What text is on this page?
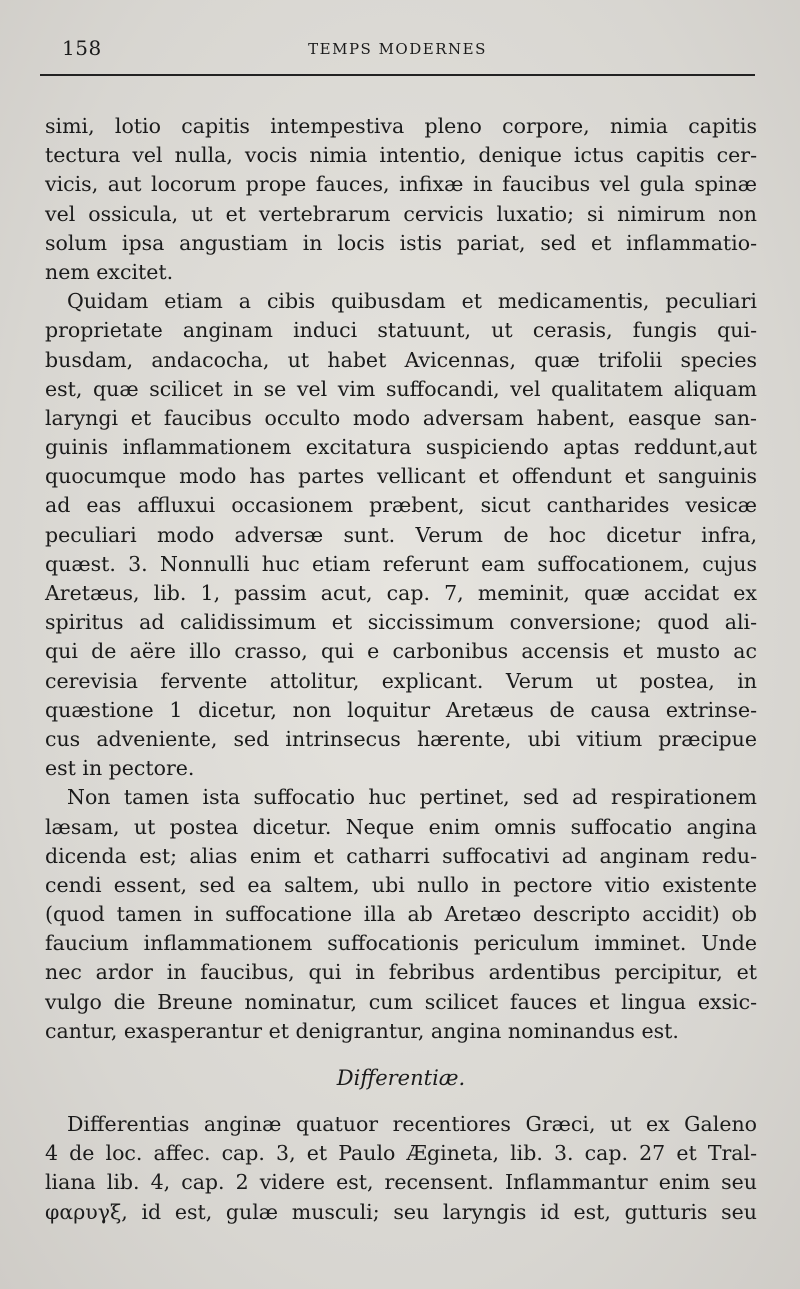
158	TEMPS MODERNES
simi, lotio capitis intempestiva pleno corpore, nimia capitis
tectura vel nulla, vocis nimia intentio, denique ictus capitis cer-
vicis, aut locorum prope fauces, infixæ in faucibus vel gula spinæ
vel ossicula, ut et vertebrarum cervicis luxatio; si nimirum non
solum ipsa angustiam in locis istis pariat, sed et inflammatio-
nem excitet.
Quidam etiam a cibis quibusdam et medicamentis, peculiari
proprietate anginam induci statuunt, ut cerasis, fungis qui-
busdam, andacocha, ut habet Avicennas, quæ trifolii species
est, quæ scilicet in se vel vim suffocandi, vel qualitatem aliquam
laryngi et faucibus occulto modo adversam habent, easque san-
guinis inflammationem excitatura suspiciendo aptas reddunt,aut
quocumque modo has partes vellicant et offendunt et sanguinis
ad eas affluxui occasionem præbent, sicut cantharides vesicæ
peculiari modo adversæ sunt. Verum de hoc dicetur infra,
quæst. 3. Nonnulli huc etiam referunt eam suffocationem, cujus
Aretæus, lib. 1, passim acut, cap. 7, meminit, quæ accidat ex
spiritus ad calidissimum et siccissimum conversione; quod ali-
qui de aëre illo crasso, qui e carbonibus accensis et musto ac
cerevisia fervente attolitur, explicant. Verum ut postea, in
quæstione 1 dicetur, non loquitur Aretæus de causa extrinse-
cus adveniente, sed intrinsecus hærente, ubi vitium præcipue
est in pectore.
Non tamen ista suffocatio huc pertinet, sed ad respirationem
læsam, ut postea dicetur. Neque enim omnis suffocatio angina
dicenda est; alias enim et catharri suffocativi ad anginam redu-
cendi essent, sed ea saltem, ubi nullo in pectore vitio existente
(quod tamen in suffocatione illa ab Aretæo descripto accidit) ob
faucium inflammationem suffocationis periculum imminet. Unde
nec ardor in faucibus, qui in febribus ardentibus percipitur, et
vulgo die Breune nominatur, cum scilicet fauces et lingua exsic-
cantur, exasperantur et denigrantur, angina nominandus est.
Differentiæ.
Differentias anginæ quatuor recentiores Græci, ut ex Galeno
4 de loc. affec. cap. 3, et Paulo Ægineta, lib. 3. cap. 27 et Tral-
liana lib. 4, cap. 2 videre est, recensent. Inflammantur enim seu
φαρυγξ, id est, gulæ musculi; seu laryngis id est, gutturis seu
